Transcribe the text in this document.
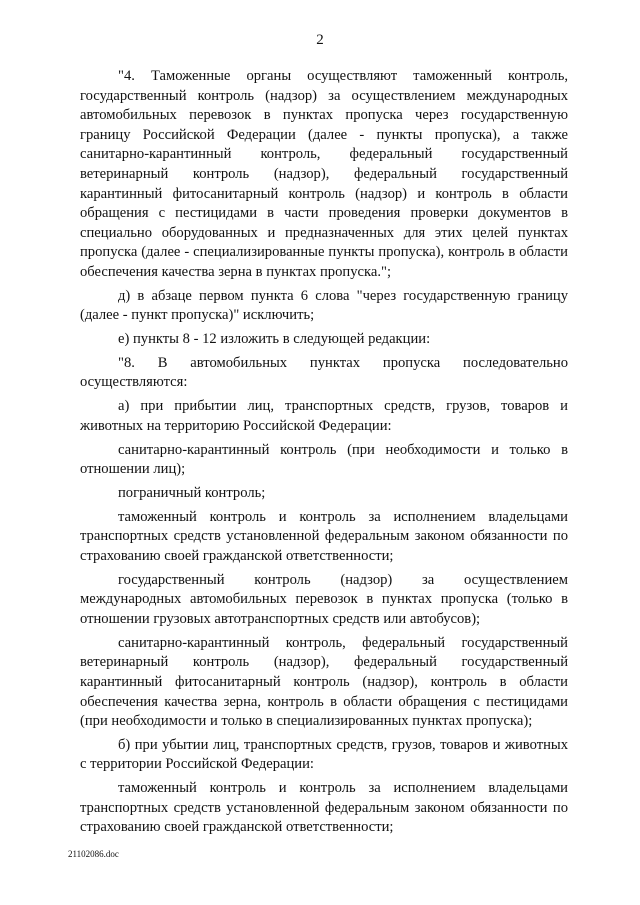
2

"4. Таможенные органы осуществляют таможенный контроль, государственный контроль (надзор) за осуществлением международных автомобильных перевозок в пунктах пропуска через государственную границу Российской Федерации (далее - пункты пропуска), а также санитарно-карантинный контроль, федеральный государственный ветеринарный контроль (надзор), федеральный государственный карантинный фитосанитарный контроль (надзор) и контроль в области обращения с пестицидами в части проведения проверки документов в специально оборудованных и предназначенных для этих целей пунктах пропуска (далее - специализированные пункты пропуска), контроль в области обеспечения качества зерна в пунктах пропуска.";

д) в абзаце первом пункта 6 слова "через государственную границу (далее - пункт пропуска)" исключить;

е) пункты 8 - 12 изложить в следующей редакции:

"8. В автомобильных пунктах пропуска последовательно осуществляются:

а) при прибытии лиц, транспортных средств, грузов, товаров и животных на территорию Российской Федерации:

санитарно-карантинный контроль (при необходимости и только в отношении лиц);

пограничный контроль;

таможенный контроль и контроль за исполнением владельцами транспортных средств установленной федеральным законом обязанности по страхованию своей гражданской ответственности;

государственный контроль (надзор) за осуществлением международных автомобильных перевозок в пунктах пропуска (только в отношении грузовых автотранспортных средств или автобусов);

санитарно-карантинный контроль, федеральный государственный ветеринарный контроль (надзор), федеральный государственный карантинный фитосанитарный контроль (надзор), контроль в области обеспечения качества зерна, контроль в области обращения с пестицидами (при необходимости и только в специализированных пунктах пропуска);

б) при убытии лиц, транспортных средств, грузов, товаров и животных с территории Российской Федерации:

таможенный контроль и контроль за исполнением владельцами транспортных средств установленной федеральным законом обязанности по страхованию своей гражданской ответственности;

21102086.doc
